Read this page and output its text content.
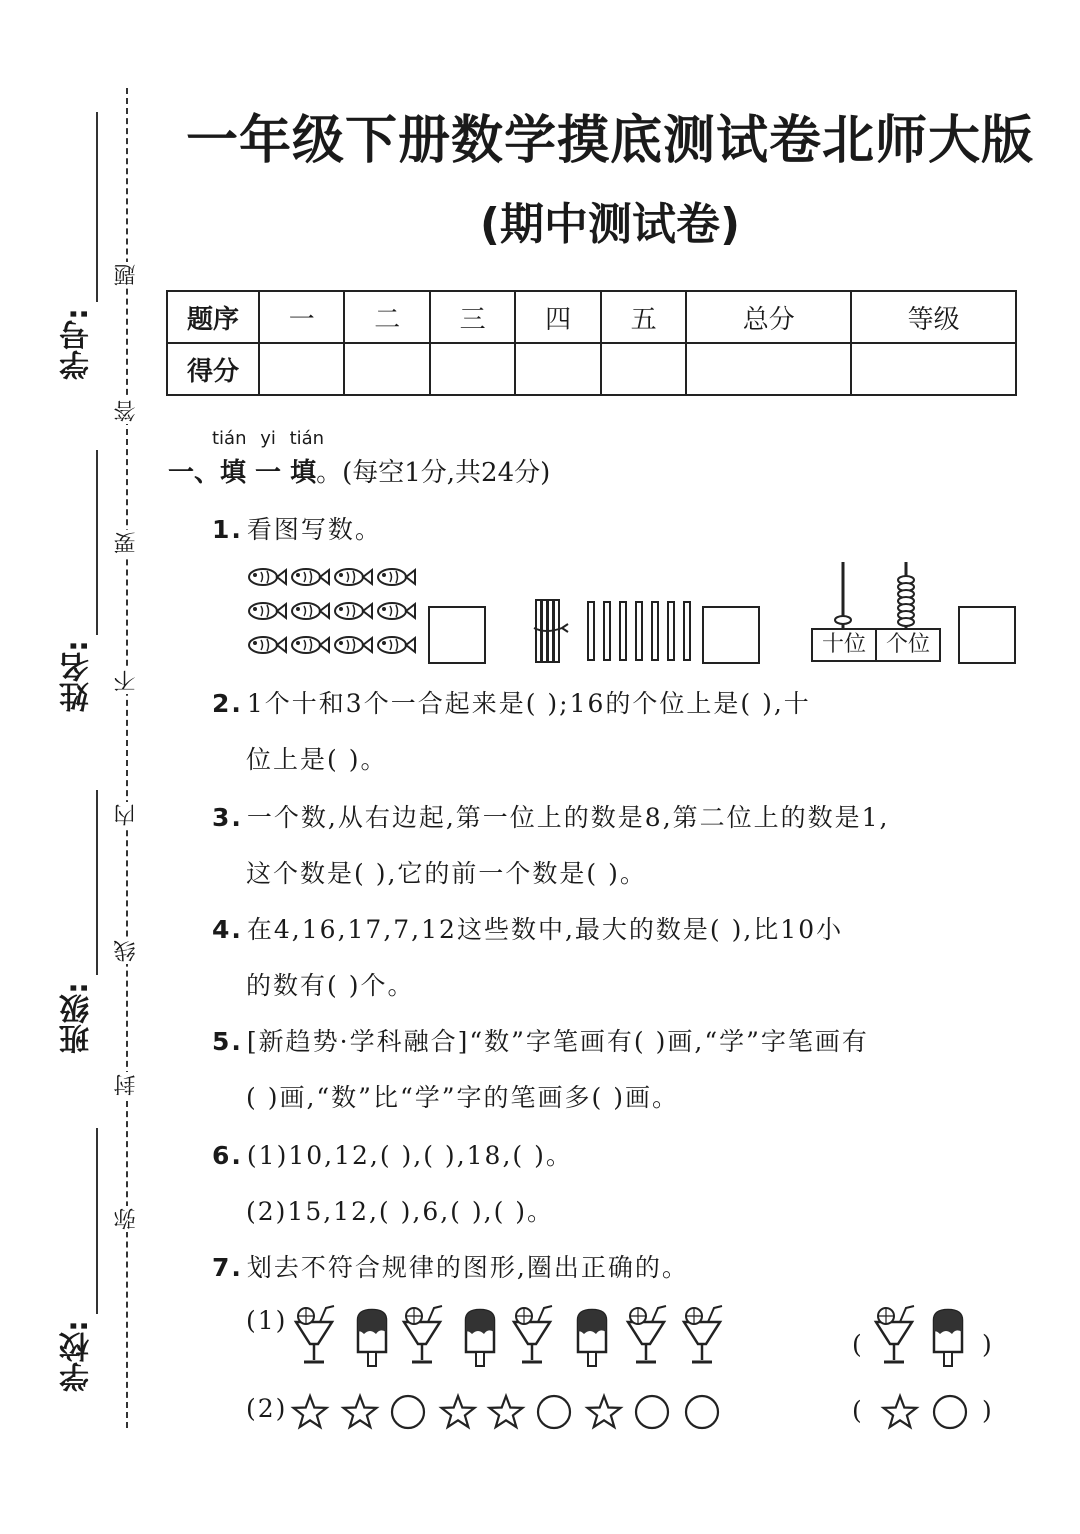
题
答
要
不
内
线
封
弥
学号:
姓名:
班级:
学校:
一年级下册数学摸底测试卷北师大版
(期中测试卷)
题序	一	二	三	四	五	总分	等级
得分							
tián yi tián
一、填 一 填。(每空1分,共24分)
1. 看图写数。
十位 个位
2. 1个十和3个一合起来是( );16的个位上是( ),十
位上是( )。
3. 一个数,从右边起,第一位上的数是8,第二位上的数是1,
这个数是( ),它的前一个数是( )。
4. 在4,16,17,7,12这些数中,最大的数是( ),比10小
的数有( )个。
5. [新趋势·学科融合]“数”字笔画有( )画,“学”字笔画有
( )画,“数”比“学”字的笔画多( )画。
6. (1)10,12,( ),( ),18,( )。
(2)15,12,( ),6,( ),( )。
7. 划去不符合规律的图形,圈出正确的。
(1)
(	)
(2)	(	)
